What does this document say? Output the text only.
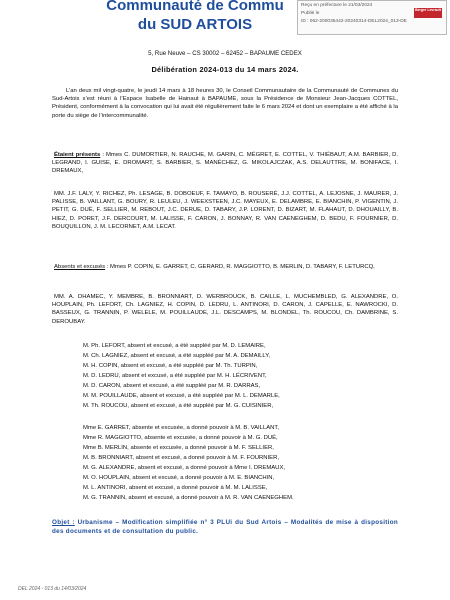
Communauté de Commu
du SUD ARTOIS
Reçu en préfecture le 21/03/2024
Publié le
ID : 062-200035442-20240314-DEL2024_013-DE
Berger Levrault
5, Rue Neuve – CS 30002 – 62452 – BAPAUME CEDEX
Délibération 2024-013 du 14 mars 2024.
L’an deux mil vingt-quatre, le jeudi 14 mars à 18 heures 30, le Conseil Communautaire de la Communauté de Communes du Sud-Artois s’est réuni à l’Espace Isabelle de Hainaut à BAPAUME, sous la Présidence de Monsieur Jean-Jacques COTTEL, Président, conformément à la convocation qui lui avait été régulièrement faite le 6 mars 2024 et dont un exemplaire a été affiché à la porte du siège de l’intercommunalité.
Étaient présents : Mmes C. DUMORTIER, N. RAUCHE, M. GARIN, C. MÉGRET, E. COTTEL, V. THIÉBAUT, A.M. BARBIER, D. LEGRAND, I. GUISE, E. DROMART, S. BARBIER, S. MANÉCHEZ, G. MIKOLAJCZAK, A.S. DELAUTTRE, M. BONIFACE, I. DREMAUX,
MM. J.F. LALY, Y. RICHEZ, Ph. LESAGE, B. DOBOEUF, F. TAMAYO, B. ROUSERÉ, J.J. COTTEL, A. LEJOSNE, J. MAURER, J. PALISSE, B. VAILLANT, G. BOURY, R. LEULEU, J. WEEXSTEEN, J.C. MAYEUX, E. DELAMBRE, E. BIANCHIN, P. VIGENTIN, J. PETIT, G. DUÉ, F. SELLIER, M. REBOUT, J.C. DERUE, D. TABARY, J.P. LORENT, D. BIZART, M. FLAHAUT, D. DHOUAILLY, B. HIEZ, D. PORET, J.F. DERCOURT, M. LALISSE, F. CARON, J. BONNAY, R. VAN CAENEGHEM, D. BEDU, F. FOURNIER, D. BOUQUILLON, J. M. LECORNET, A.M. LECAT.
Absents et excusés : Mmes P. COPIN, E. GARRET, C. GERARD, R. MAGGIOTTO, B. MERLIN, D. TABARY, F. LETURCQ,
MM. A. DHAMEC, Y. MEMBRE, B. BRONNIART, D. WERBROUCK, B. CAILLE, L. MUCHEMBLED, G. ALEXANDRE, O. HOUPLAIN, Ph. LEFORT, Ch. LAGNIEZ, H. COPIN, D. LEDRU, L. ANTINORI, D. CARON, J. CAPELLE, E. NAWROCKI, D. BASSEUX, G. TRANNIN, P. WELELE, M. POUILLAUDE, J.L. DESCAMPS, M. BLONDEL, Th. ROUCOU, Ch. DAMBRINE, S. DEROUBAY.
M. Ph. LEFORT, absent et excusé, a été suppléé par M. D. LEMAIRE,
M. Ch. LAGNIEZ, absent et excusé, a été suppléé par M. A. DEMAILLY,
M. H. COPIN, absent et excusé, a été suppléé par M. Th. TURPIN,
M. D. LEDRU, absent et excusé, a été suppléé par M. H. LÉCRIVENT,
M. D. CARON, absent et excusé, a été suppléé par M. R. DARRAS,
M. M. POUILLAUDE, absent et excusé, a été suppléé par M. L. DEMARLE,
M. Th. ROUCOU, absent et excusé, a été suppléé par M. G. CUISINIER,
Mme E. GARRET, absente et excusée, a donné pouvoir à M. B. VAILLANT,
Mme R. MAGGIOTTO, absente et excusée, a donné pouvoir à M. G. DUÉ,
Mme B. MERLIN, absente et excusée, a donné pouvoir à M. F. SELLIER,
M. B. BRONNIART, absent et excusé, a donné pouvoir à M. F. FOURNIER,
M. G. ALEXANDRE, absent et excusé, a donné pouvoir à Mme I. DREMAUX,
M. O. HOUPLAIN, absent et excusé, a donné pouvoir à M. E. BIANCHIN,
M. L. ANTINORI, absent et excusé, a donné pouvoir à M. M. LALISSE,
M. G. TRANNIN, absent et excusé, a donné pouvoir à M. R. VAN CAENEGHEM.
Objet : Urbanisme – Modification simplifiée n° 3 PLUi du Sud Artois – Modalités de mise à disposition des documents et de consultation du public.
DEL 2024 - 013 du 14/03/2024
